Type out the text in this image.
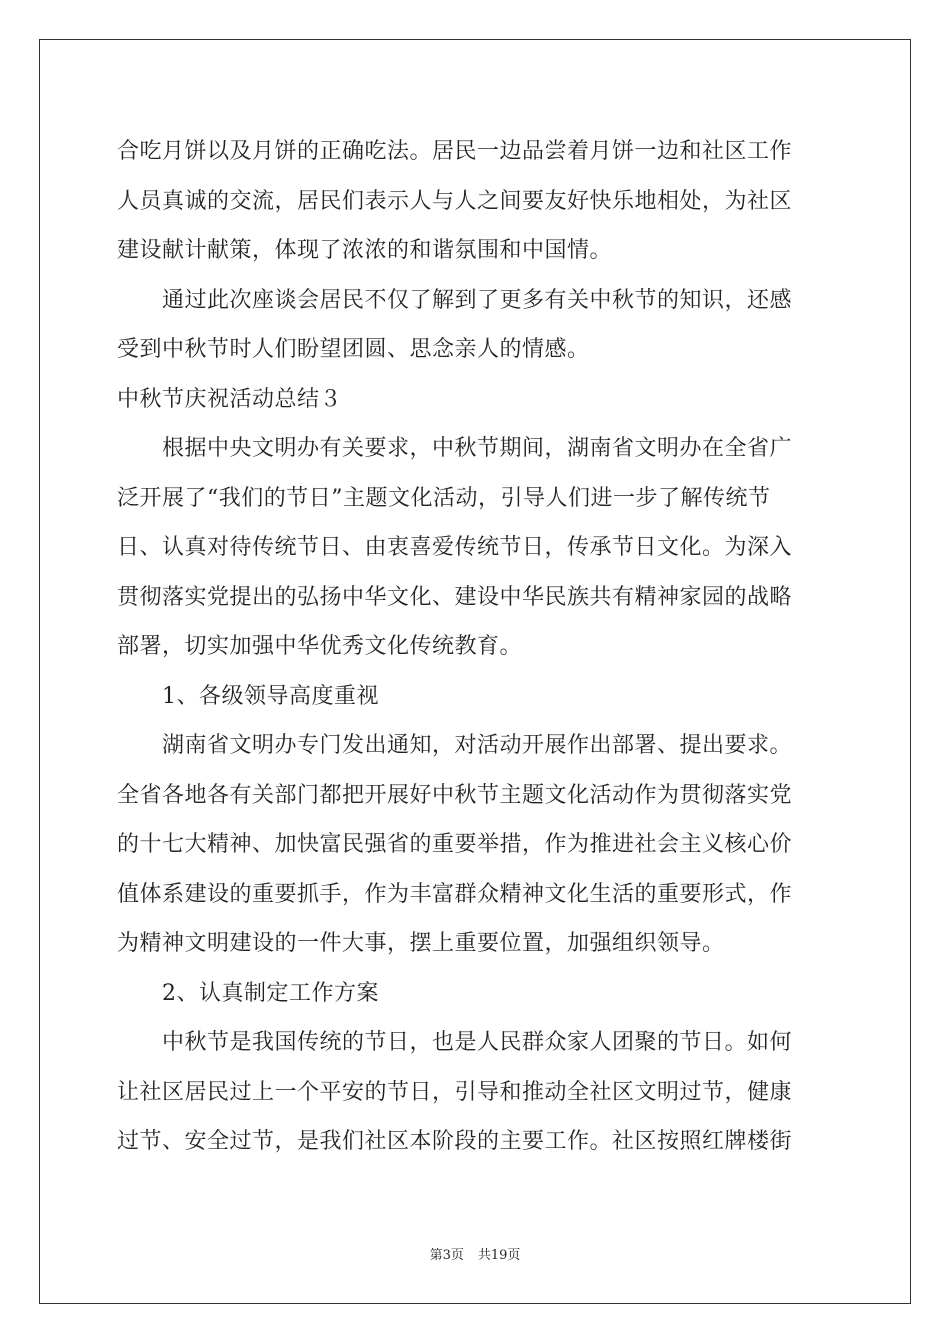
合吃月饼以及月饼的正确吃法。居民一边品尝着月饼一边和社区工作
人员真诚的交流，居民们表示人与人之间要友好快乐地相处，为社区
建设献计献策，体现了浓浓的和谐氛围和中国情。
　　通过此次座谈会居民不仅了解到了更多有关中秋节的知识，还感
受到中秋节时人们盼望团圆、思念亲人的情感。
中秋节庆祝活动总结３
　　根据中央文明办有关要求，中秋节期间，湖南省文明办在全省广
泛开展了“我们的节日”主题文化活动，引导人们进一步了解传统节
日、认真对待传统节日、由衷喜爱传统节日，传承节日文化。为深入
贯彻落实党提出的弘扬中华文化、建设中华民族共有精神家园的战略
部署，切实加强中华优秀文化传统教育。
　　1、各级领导高度重视
　　湖南省文明办专门发出通知，对活动开展作出部署、提出要求。
全省各地各有关部门都把开展好中秋节主题文化活动作为贯彻落实党
的十七大精神、加快富民强省的重要举措，作为推进社会主义核心价
值体系建设的重要抓手，作为丰富群众精神文化生活的重要形式，作
为精神文明建设的一件大事，摆上重要位置，加强组织领导。
　　2、认真制定工作方案
　　中秋节是我国传统的节日，也是人民群众家人团聚的节日。如何
让社区居民过上一个平安的节日，引导和推动全社区文明过节，健康
过节、安全过节，是我们社区本阶段的主要工作。社区按照红牌楼街
第3页 共19页
